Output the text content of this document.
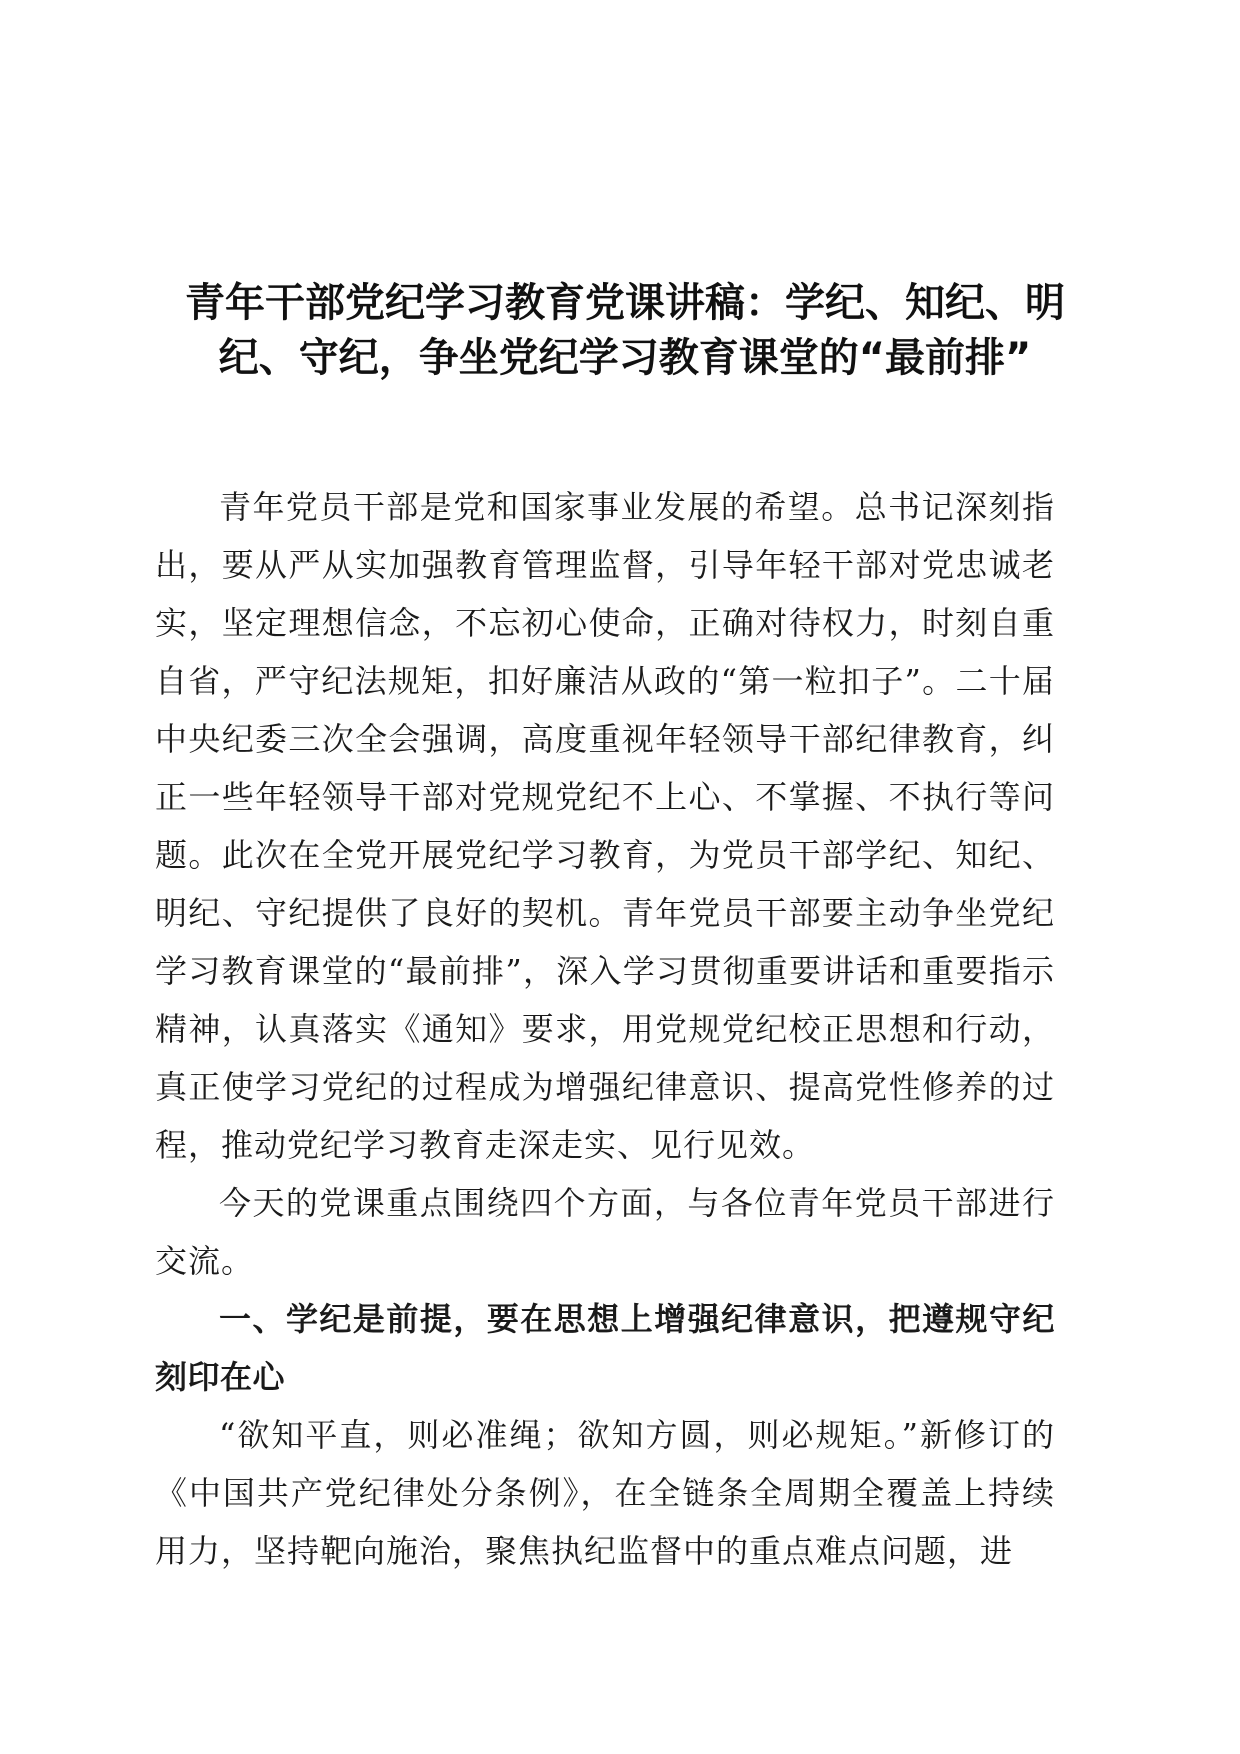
青年干部党纪学习教育党课讲稿：学纪、知纪、明纪、守纪，争坐党纪学习教育课堂的“最前排”

青年党员干部是党和国家事业发展的希望。总书记深刻指出，要从严从实加强教育管理监督，引导年轻干部对党忠诚老实，坚定理想信念，不忘初心使命，正确对待权力，时刻自重自省，严守纪法规矩，扣好廉洁从政的“第一粒扣子”。二十届中央纪委三次全会强调，高度重视年轻领导干部纪律教育，纠正一些年轻领导干部对党规党纪不上心、不掌握、不执行等问题。此次在全党开展党纪学习教育，为党员干部学纪、知纪、明纪、守纪提供了良好的契机。青年党员干部要主动争坐党纪学习教育课堂的“最前排”，深入学习贯彻重要讲话和重要指示精神，认真落实《通知》要求，用党规党纪校正思想和行动，真正使学习党纪的过程成为增强纪律意识、提高党性修养的过程，推动党纪学习教育走深走实、见行见效。

今天的党课重点围绕四个方面，与各位青年党员干部进行交流。

一、学纪是前提，要在思想上增强纪律意识，把遵规守纪刻印在心

“欲知平直，则必准绳；欲知方圆，则必规矩。”新修订的《中国共产党纪律处分条例》，在全链条全周期全覆盖上持续用力，坚持靶向施治，聚焦执纪监督中的重点难点问题，进
